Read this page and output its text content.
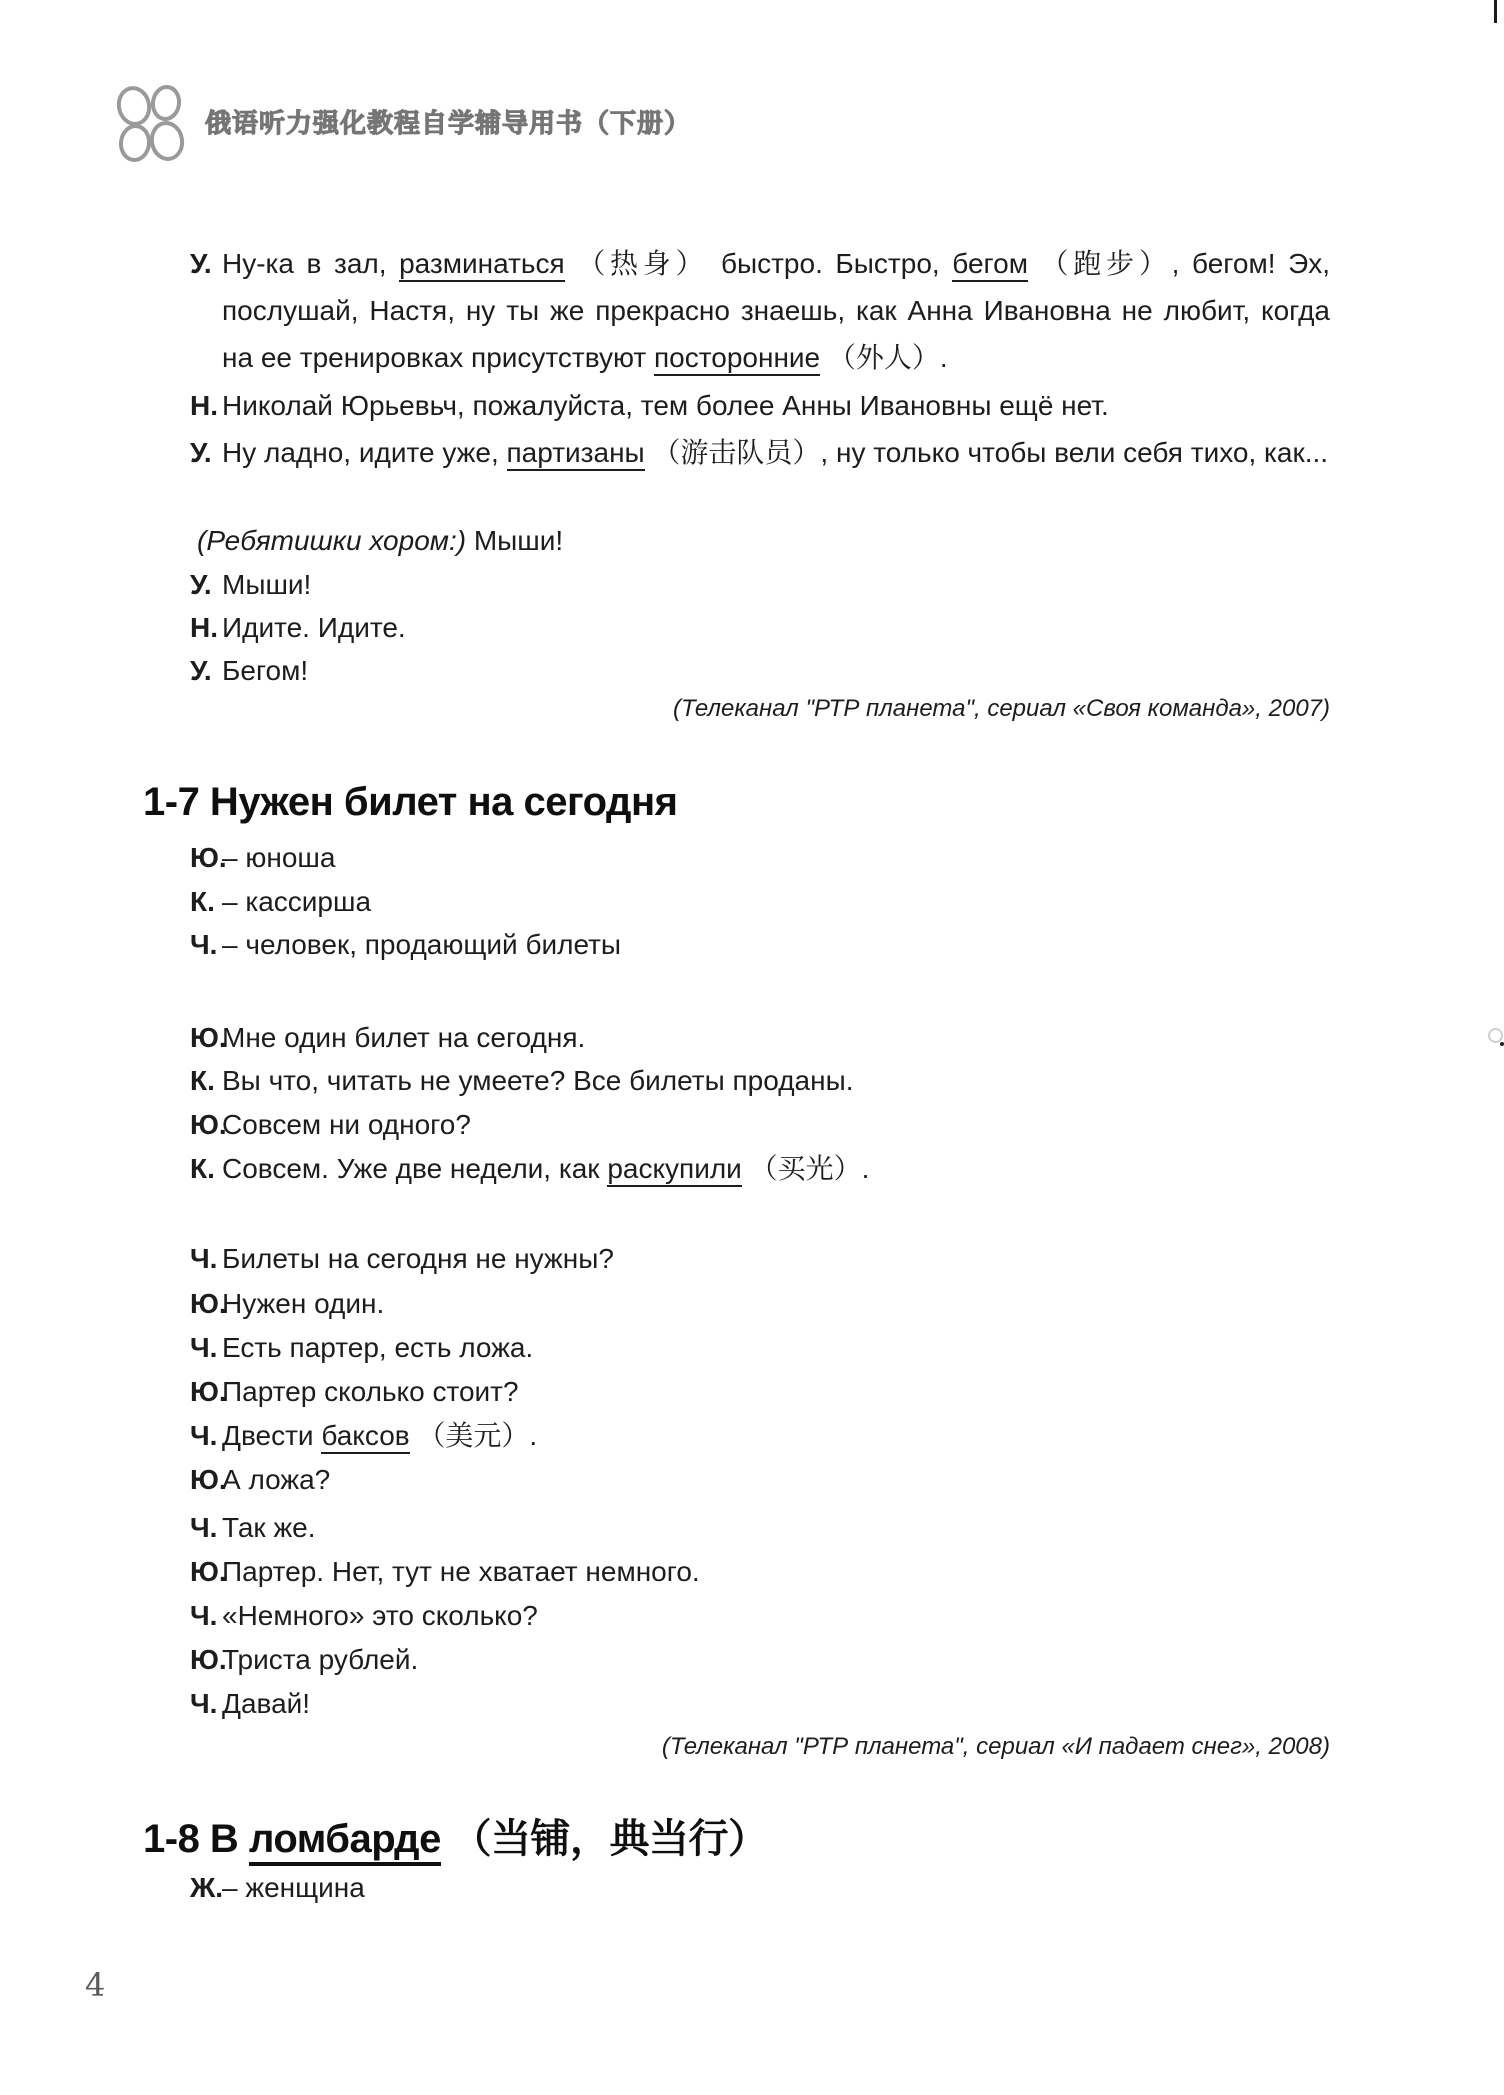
俄语听力强化教程自学辅导用书（下册）
У. Ну-ка в зал, разминаться （热身） быстро. Быстро, бегом （跑步）, бегом! Эх, послушай, Настя, ну ты же прекрасно знаешь, как Анна Ивановна не любит, когда на ее тренировках присутствуют посторонние （外人）.
Н. Николай Юрьевьч, пожалуйста, тем более Анны Ивановны ещё нет.
У. Ну ладно, идите уже, партизаны （游击队员）, ну только чтобы вели себя тихо, как...
(Ребятишки хором:) Мыши!
У. Мыши!
Н. Идите. Идите.
У. Бегом!
(Телеканал "РТР планета", сериал «Своя команда», 2007)
1-7 Нужен билет на сегодня
Ю.
– юноша
К. – кассирша
Ч. – человек, продающий билеты
Ю.
Мне один билет на сегодня.
К. Вы что, читать не умеете? Все билеты проданы.
Ю.
Совсем ни одного?
К. Совсем. Уже две недели, как раскупили （买光）.
Ч. Билеты на сегодня не нужны?
Ю.
Нужен один.
Ч. Есть партер, есть ложа.
Ю.
Партер сколько стоит?
Ч. Двести баксов （美元）.
Ю.
А ложа?
Ч. Так же.
Ю.
Партер. Нет, тут не хватает немного.
Ч. «Немного» это сколько?
Ю.
Триста рублей.
Ч. Давай!
(Телеканал "РТР планета", сериал «И падает снег», 2008)
1-8 В ломбарде （当铺，典当行）
Ж.
– женщина
4
